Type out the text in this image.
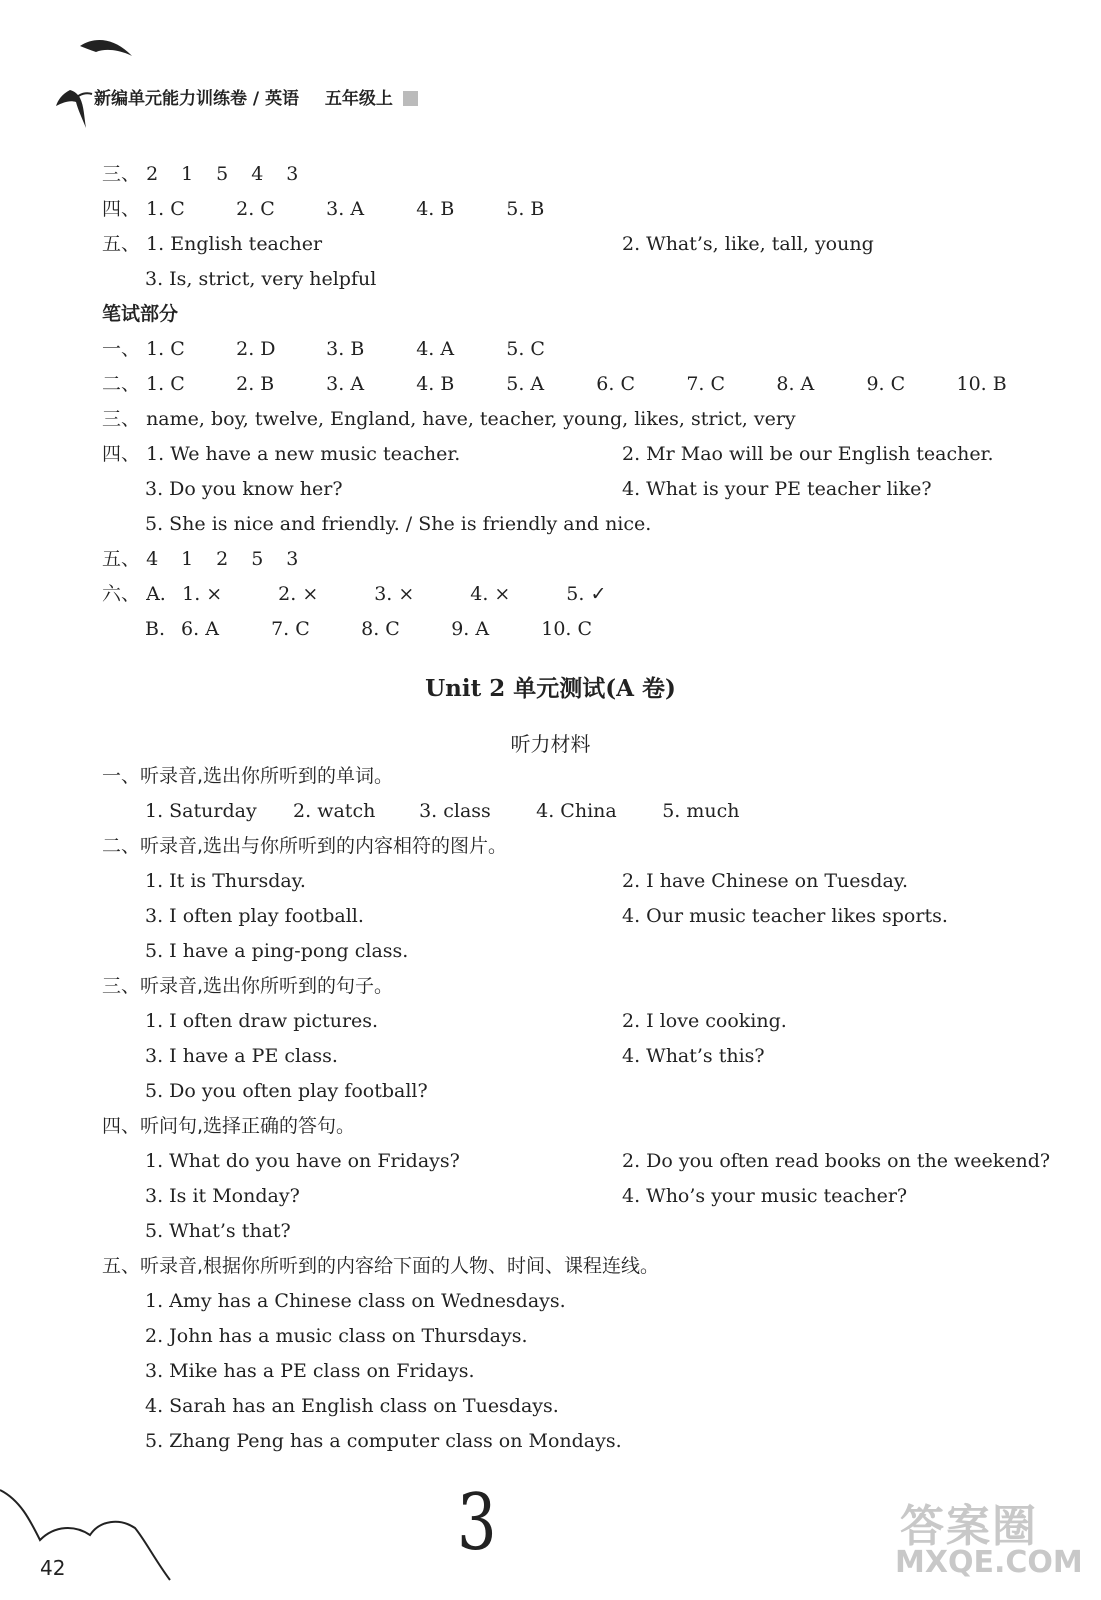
新编单元能力训练卷 / 英语 五年级上
三、 2 1 5 4 3
四、 1. C	2. C	3. A	4. B	5. B
五、 1. English teacher	2. What’s, like, tall, young
3. Is, strict, very helpful
笔试部分
一、 1. C	2. D	3. B	4. A	5. C
二、 1. C	2. B	3. A	4. B	5. A	6. C	7. C	8. A	9. C	10. B
三、 name, boy, twelve, England, have, teacher, young, likes, strict, very
四、 1. We have a new music teacher.	2. Mr Mao will be our English teacher.
3. Do you know her?	4. What is your PE teacher like?
5. She is nice and friendly. / She is friendly and nice.
五、 4 1 2 5 3
六、 A. 1. ×	2. ×	3. ×	4. ×	5. ✓
B. 6. A	7. C	8. C	9. A	10. C
Unit 2 单元测试(A 卷)
听力材料
一、听录音,选出你所听到的单词。
1. Saturday 2. watch 3. class 4. China 5. much
二、听录音,选出与你所听到的内容相符的图片。
1. It is Thursday.	2. I have Chinese on Tuesday.
3. I often play football.	4. Our music teacher likes sports.
5. I have a ping-pong class.
三、听录音,选出你所听到的句子。
1. I often draw pictures.	2. I love cooking.
3. I have a PE class.	4. What’s this?
5. Do you often play football?
四、听问句,选择正确的答句。
1. What do you have on Fridays?	2. Do you often read books on the weekend?
3. Is it Monday?	4. Who’s your music teacher?
5. What’s that?
五、听录音,根据你所听到的内容给下面的人物、时间、课程连线。
1. Amy has a Chinese class on Wednesdays.
2. John has a music class on Thursdays.
3. Mike has a PE class on Fridays.
4. Sarah has an English class on Tuesdays.
5. Zhang Peng has a computer class on Mondays.
42	3	答案圈
MXQE.COM
